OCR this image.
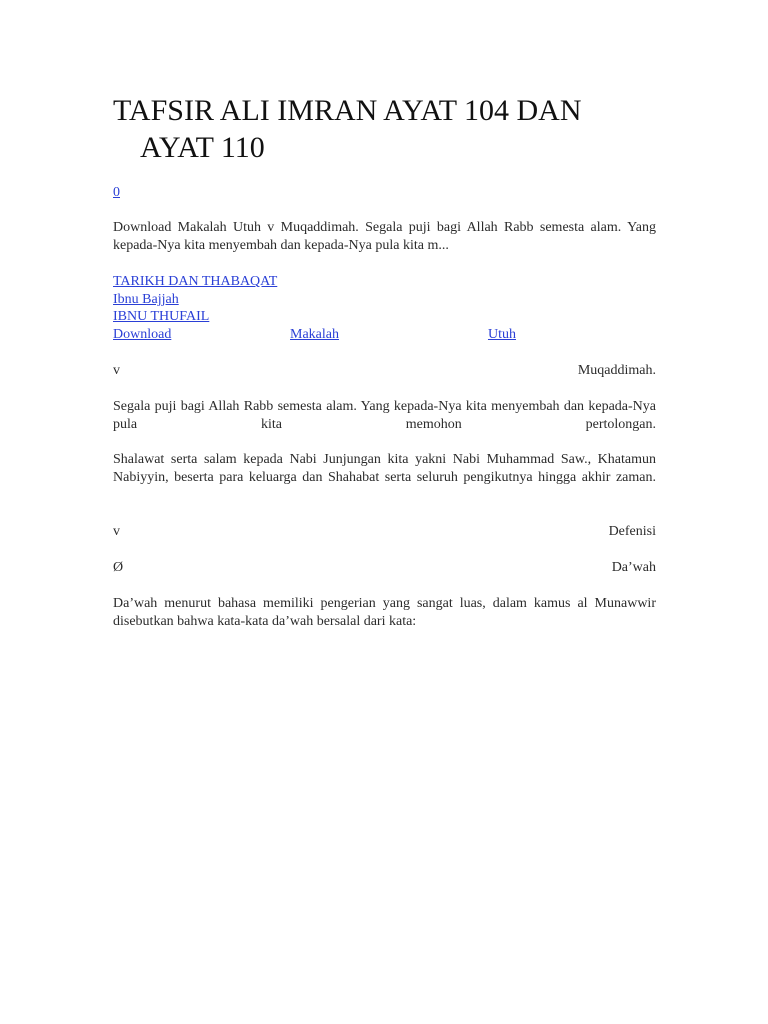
TAFSIR ALI IMRAN AYAT 104 DAN
AYAT 110
0

Download Makalah Utuh v Muqaddimah. Segala puji bagi Allah Rabb semesta alam. Yang kepada-Nya kita menyembah dan kepada-Nya pula kita m...

TARIKH DAN THABAQAT
Ibnu Bajjah
IBNU THUFAIL
Download	Makalah	Utuh
v	Muqaddimah.

Segala puji bagi Allah Rabb semesta alam. Yang kepada-Nya kita menyembah dan kepada-Nya pula kita memohon pertolongan.

Shalawat serta salam kepada Nabi Junjungan kita yakni Nabi Muhammad Saw., Khatamun Nabiyyin, beserta para keluarga dan Shahabat serta seluruh pengikutnya hingga akhir zaman.

v	Defenisi
Ø	Da’wah

Da’wah menurut bahasa memiliki pengerian yang sangat luas, dalam kamus al Munawwir disebutkan bahwa kata-kata da’wah bersalal dari kata:
